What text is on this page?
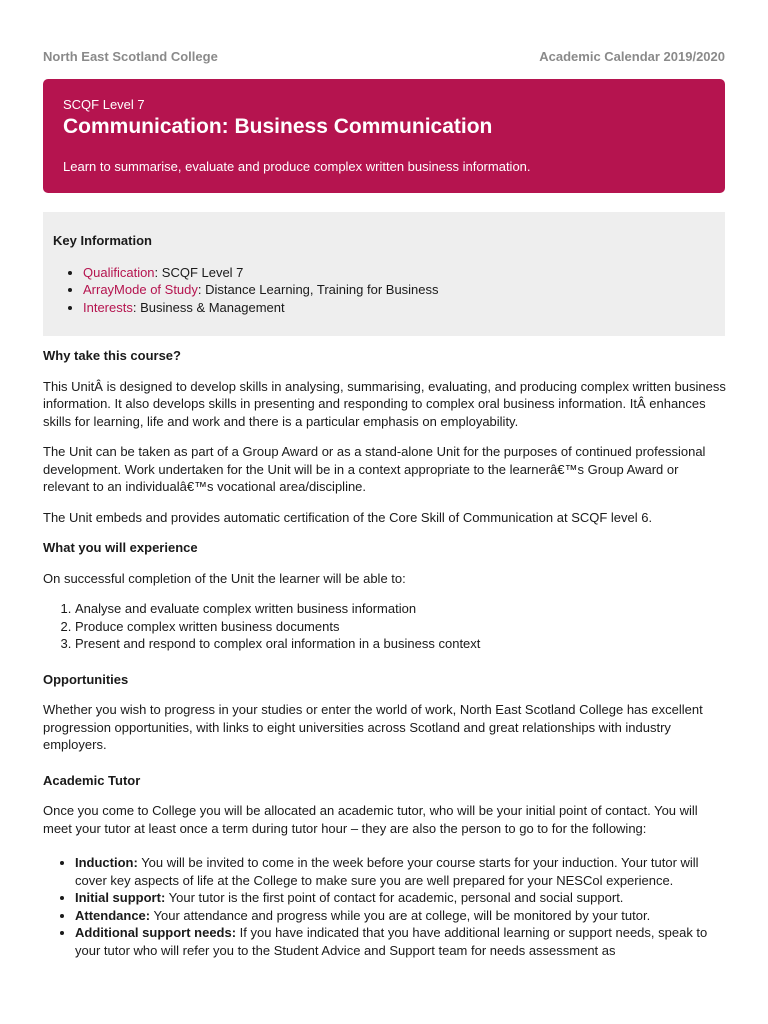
North East Scotland College	Academic Calendar 2019/2020
SCQF Level 7
Communication: Business Communication
Learn to summarise, evaluate and produce complex written business information.
Key Information
• Qualification: SCQF Level 7
• ArrayMode of Study: Distance Learning, Training for Business
• Interests: Business & Management
Why take this course?

This UnitÂ is designed to develop skills in analysing, summarising, evaluating, and producing complex written business information. It also develops skills in presenting and responding to complex oral business information. ItÂ enhances skills for learning, life and work and there is a particular emphasis on employability.

The Unit can be taken as part of a Group Award or as a stand-alone Unit for the purposes of continued professional development. Work undertaken for the Unit will be in a context appropriate to the learnerâ€™s Group Award or relevant to an individualâ€™s vocational area/discipline.

The Unit embeds and provides automatic certification of the Core Skill of Communication at SCQF level 6.

What you will experience

On successful completion of the Unit the learner will be able to:

1. Analyse and evaluate complex written business information
2. Produce complex written business documents
3. Present and respond to complex oral information in a business context
Opportunities

Whether you wish to progress in your studies or enter the world of work, North East Scotland College has excellent progression opportunities, with links to eight universities across Scotland and great relationships with industry employers.

Academic Tutor

Once you come to College you will be allocated an academic tutor, who will be your initial point of contact. You will meet your tutor at least once a term during tutor hour – they are also the person to go to for the following:

• Induction: You will be invited to come in the week before your course starts for your induction. Your tutor will cover key aspects of life at the College to make sure you are well prepared for your NESCol experience.
• Initial support: Your tutor is the first point of contact for academic, personal and social support.
• Attendance: Your attendance and progress while you are at college, will be monitored by your tutor.
• Additional support needs: If you have indicated that you have additional learning or support needs, speak to your tutor who will refer you to the Student Advice and Support team for needs assessment as
